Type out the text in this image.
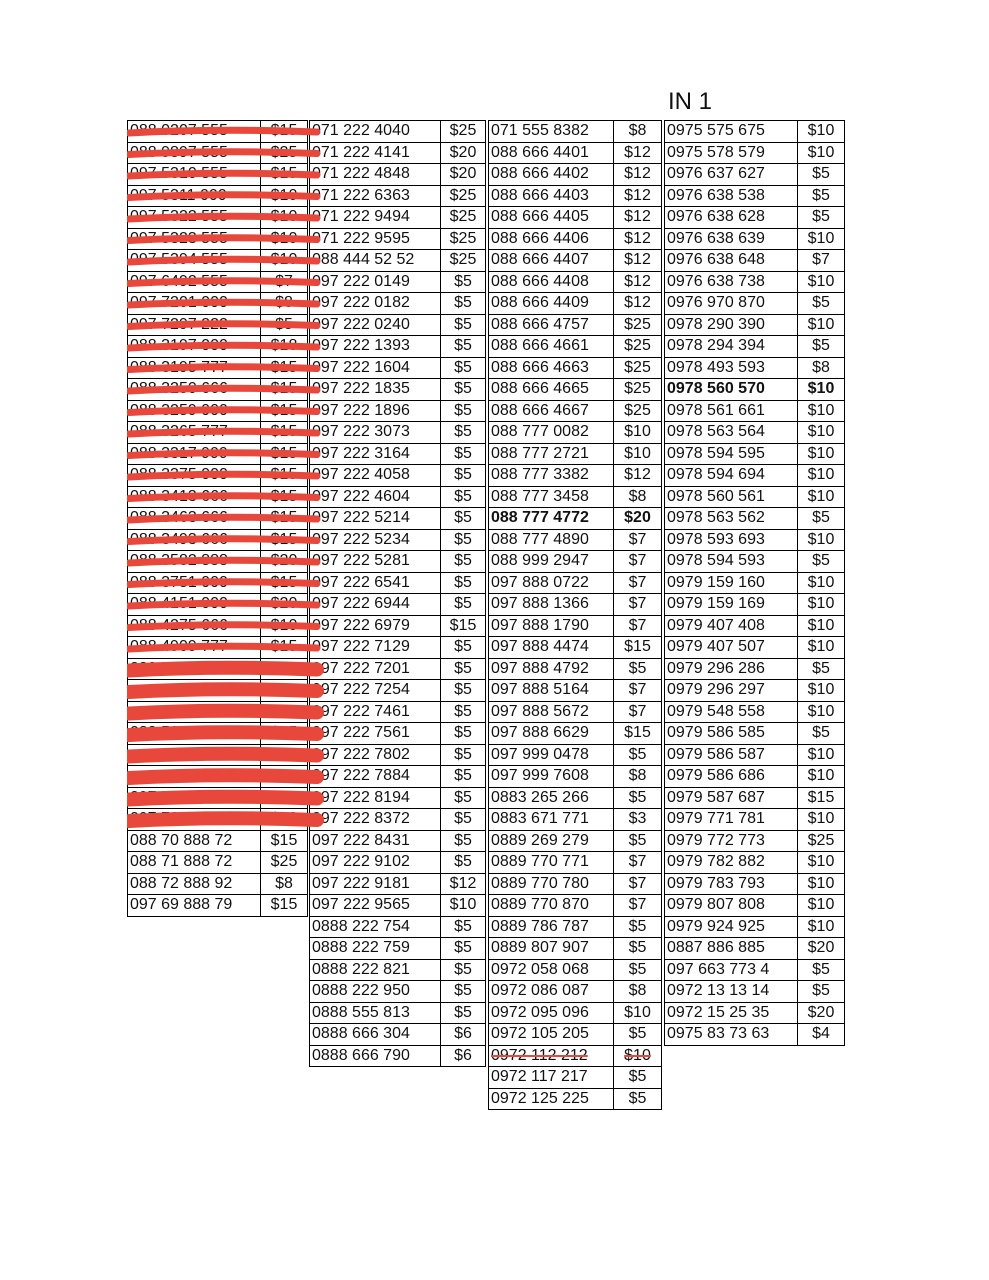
IN 1
088 0207 555	$15
088 9897 555	$25
097 5310 555	$15
097 5311 000	$10
097 5322 555	$10
097 5323 555	$10
097 5394 555	$10
097 6492 555	$7
097 7201 000	$8
097 7297 222	$5
088 3197 000	$18
088 3195 777	$15
088 3250 666	$15
088 3259 000	$15
088 3265 777	$15
088 3317 999	$15
088 3375 000	$15
088 3413 666	$15
088 3463 666	$15
088 3493 666	$15
088 3582 888	$20
088 3751 000	$15
088 4151 000	$20
088 4275 666	$10
088 4909 777	$15
088 5042 666	$15

088 5002 777	$15

097 5394 000	$10
097 7301 666	$10
088 70 888 72	$15
088 71 888 72	$25
088 72 888 92	$8
097 69 888 79	$15
071 222 4040	$25
071 222 4141	$20
071 222 4848	$20
071 222 6363	$25
071 222 9494	$25
071 222 9595	$25
088 444 52 52	$25
097 222 0149	$5
097 222 0182	$5
097 222 0240	$5
097 222 1393	$5
097 222 1604	$5
097 222 1835	$5
097 222 1896	$5
097 222 3073	$5
097 222 3164	$5
097 222 4058	$5
097 222 4604	$5
097 222 5214	$5
097 222 5234	$5
097 222 5281	$5
097 222 6541	$5
097 222 6944	$5
097 222 6979	$15
097 222 7129	$5
097 222 7201	$5
097 222 7254	$5
097 222 7461	$5
097 222 7561	$5
097 222 7802	$5
097 222 7884	$5
097 222 8194	$5
097 222 8372	$5
097 222 8431	$5
097 222 9102	$5
097 222 9181	$12
097 222 9565	$10
0888 222 754	$5
0888 222 759	$5
0888 222 821	$5
0888 222 950	$5
0888 555 813	$5
0888 666 304	$6
0888 666 790	$6
071 555 8382	$8
088 666 4401	$12
088 666 4402	$12
088 666 4403	$12
088 666 4405	$12
088 666 4406	$12
088 666 4407	$12
088 666 4408	$12
088 666 4409	$12
088 666 4757	$25
088 666 4661	$25
088 666 4663	$25
088 666 4665	$25
088 666 4667	$25
088 777 0082	$10
088 777 2721	$10
088 777 3382	$12
088 777 3458	$8
088 777 4772	$20
088 777 4890	$7
088 999 2947	$7
097 888 0722	$7
097 888 1366	$7
097 888 1790	$7
097 888 4474	$15
097 888 4792	$5
097 888 5164	$7
097 888 5672	$7
097 888 6629	$15
097 999 0478	$5
097 999 7608	$8
0883 265 266	$5
0883 671 771	$3
0889 269 279	$5
0889 770 771	$7
0889 770 780	$7
0889 770 870	$7
0889 786 787	$5
0889 807 907	$5
0972 058 068	$5
0972 086 087	$8
0972 095 096	$10
0972 105 205	$5
0972 112 212	$10
0972 117 217	$5
0972 125 225	$5
0975 575 675	$10
0975 578 579	$10
0976 637 627	$5
0976 638 538	$5
0976 638 628	$5
0976 638 639	$10
0976 638 648	$7
0976 638 738	$10
0976 970 870	$5
0978 290 390	$10
0978 294 394	$5
0978 493 593	$8
0978 560 570	$10
0978 561 661	$10
0978 563 564	$10
0978 594 595	$10
0978 594 694	$10
0978 560 561	$10
0978 563 562	$5
0978 593 693	$10
0978 594 593	$5
0979 159 160	$10
0979 159 169	$10
0979 407 408	$10
0979 407 507	$10
0979 296 286	$5
0979 296 297	$10
0979 548 558	$10
0979 586 585	$5
0979 586 587	$10
0979 586 686	$10
0979 587 687	$15
0979 771 781	$10
0979 772 773	$25
0979 782 882	$10
0979 783 793	$10
0979 807 808	$10
0979 924 925	$10
0887 886 885	$20
097 663 773 4	$5
0972 13 13 14	$5
0972 15 25 35	$20
0975 83 73 63	$4
